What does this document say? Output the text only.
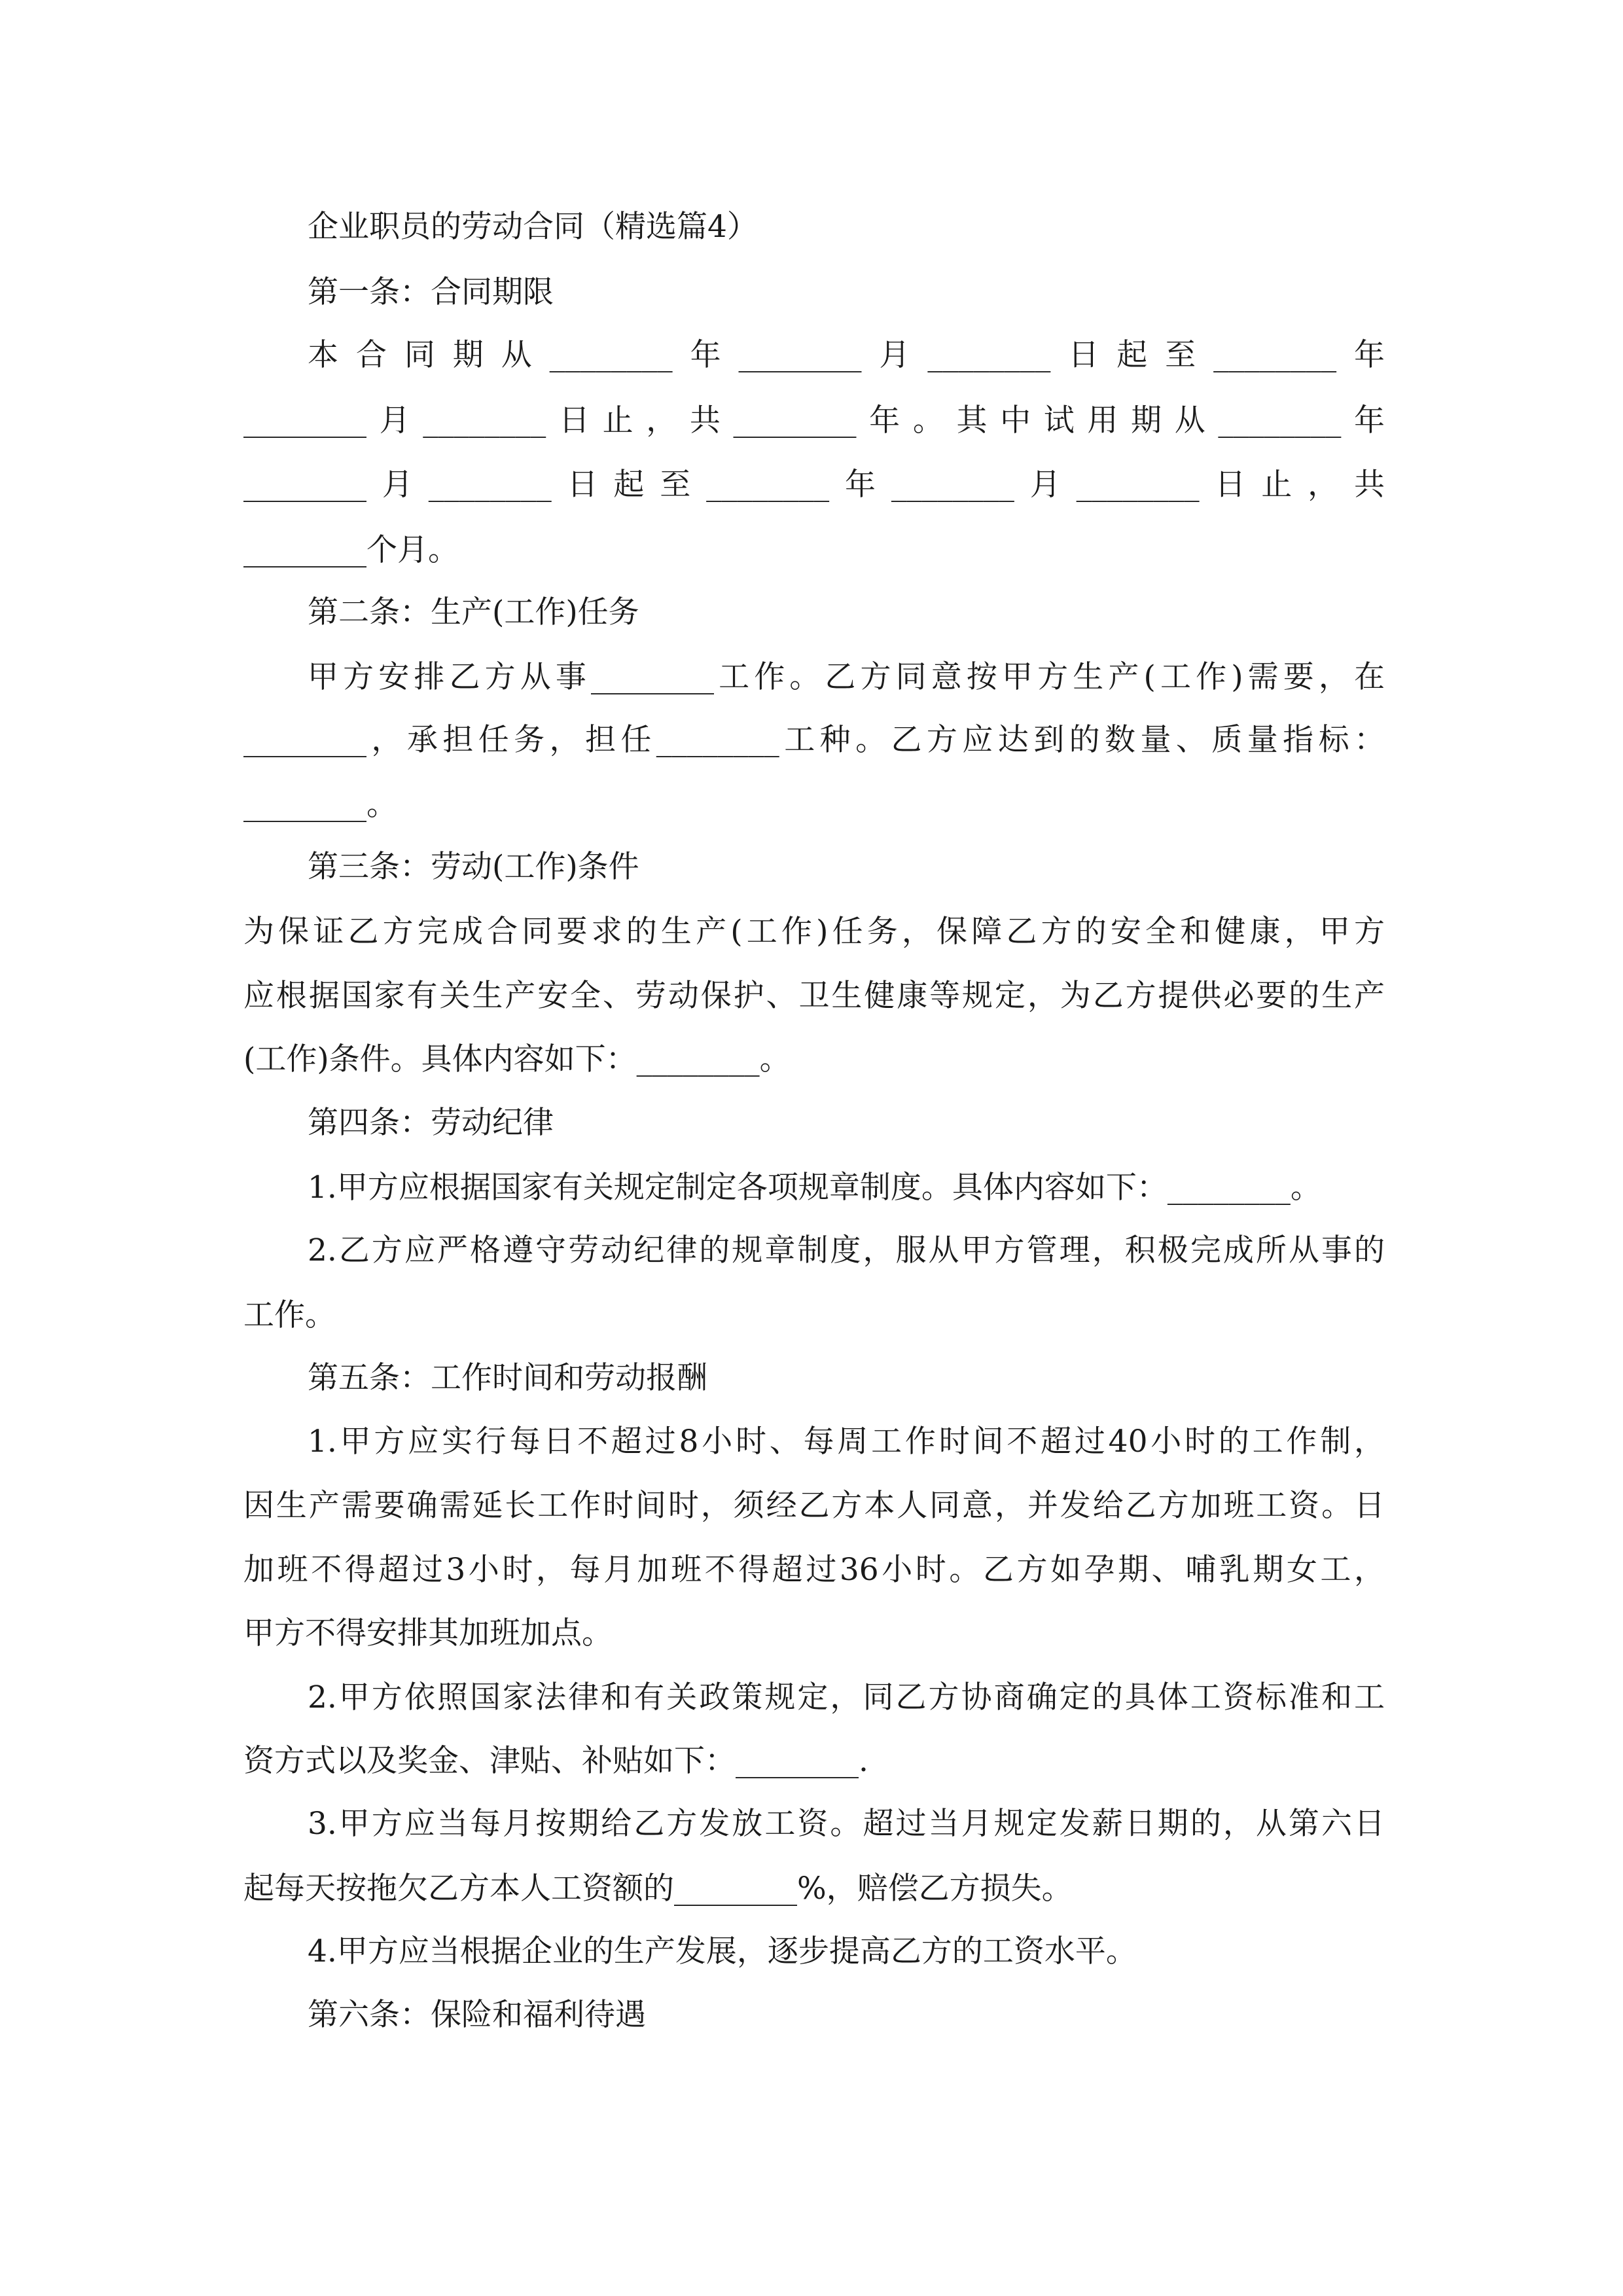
企业职员的劳动合同（精选篇4）
第一条：合同期限
本合同期从________年________月________日起至________年
________月________日止，共________年。其中试用期从________年
________月________日起至________年________月________日止，共
________个月。
第二条：生产(工作)任务
甲方安排乙方从事________工作。乙方同意按甲方生产(工作)需要，在
________，承担任务，担任________工种。乙方应达到的数量、质量指标：
________。
第三条：劳动(工作)条件
为保证乙方完成合同要求的生产(工作)任务，保障乙方的安全和健康，甲方
应根据国家有关生产安全、劳动保护、卫生健康等规定，为乙方提供必要的生产
(工作)条件。具体内容如下：________。
第四条：劳动纪律
1.甲方应根据国家有关规定制定各项规章制度。具体内容如下：________。
2.乙方应严格遵守劳动纪律的规章制度，服从甲方管理，积极完成所从事的
工作。
第五条：工作时间和劳动报酬
1.甲方应实行每日不超过8小时、每周工作时间不超过40小时的工作制，
因生产需要确需延长工作时间时，须经乙方本人同意，并发给乙方加班工资。日
加班不得超过3小时，每月加班不得超过36小时。乙方如孕期、哺乳期女工，
甲方不得安排其加班加点。
2.甲方依照国家法律和有关政策规定，同乙方协商确定的具体工资标准和工
资方式以及奖金、津贴、补贴如下：________.
3.甲方应当每月按期给乙方发放工资。超过当月规定发薪日期的，从第六日
起每天按拖欠乙方本人工资额的________%，赔偿乙方损失。
4.甲方应当根据企业的生产发展，逐步提高乙方的工资水平。
第六条：保险和福利待遇
